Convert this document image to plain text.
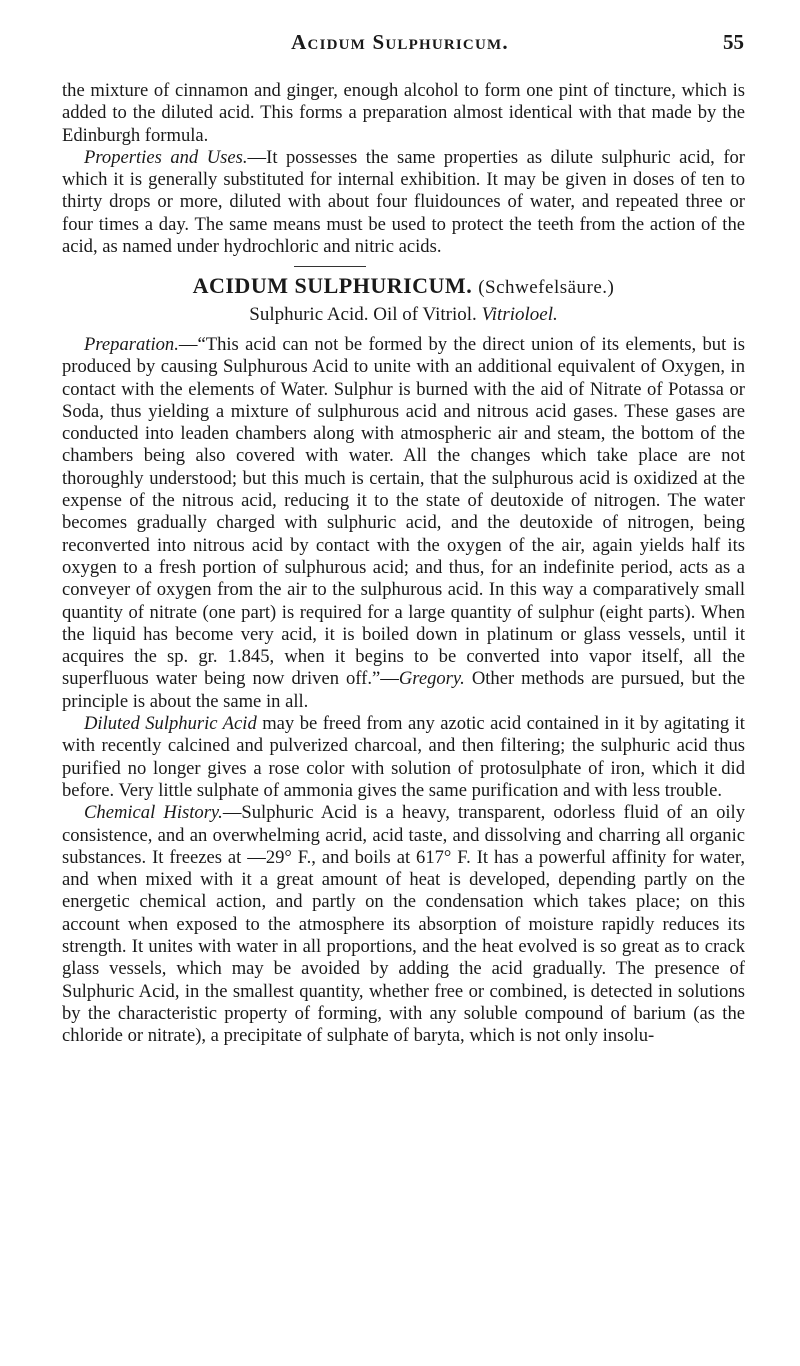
Acidum Sulphuricum.	55

the mixture of cinnamon and ginger, enough alcohol to form one pint of tincture, which is added to the diluted acid. This forms a preparation almost identical with that made by the Edinburgh formula.

Properties and Uses.—It possesses the same properties as dilute sulphuric acid, for which it is generally substituted for internal exhibition. It may be given in doses of ten to thirty drops or more, diluted with about four fluidounces of water, and repeated three or four times a day. The same means must be used to protect the teeth from the action of the acid, as named under hydrochloric and nitric acids.

ACIDUM SULPHURICUM. (Schwefelsäure.)
Sulphuric Acid. Oil of Vitriol. Vitrioloel.

Preparation.—“This acid can not be formed by the direct union of its elements, but is produced by causing Sulphurous Acid to unite with an additional equivalent of Oxygen, in contact with the elements of Water. Sulphur is burned with the aid of Nitrate of Potassa or Soda, thus yielding a mixture of sulphurous acid and nitrous acid gases. These gases are conducted into leaden chambers along with atmospheric air and steam, the bottom of the chambers being also covered with water. All the changes which take place are not thoroughly understood; but this much is certain, that the sulphurous acid is oxidized at the expense of the nitrous acid, reducing it to the state of deutoxide of nitrogen. The water becomes gradually charged with sulphuric acid, and the deutoxide of nitrogen, being reconverted into nitrous acid by contact with the oxygen of the air, again yields half its oxygen to a fresh portion of sulphurous acid; and thus, for an indefinite period, acts as a conveyer of oxygen from the air to the sulphurous acid. In this way a comparatively small quantity of nitrate (one part) is required for a large quantity of sulphur (eight parts). When the liquid has become very acid, it is boiled down in platinum or glass vessels, until it acquires the sp. gr. 1.845, when it begins to be converted into vapor itself, all the superfluous water being now driven off.”—Gregory. Other methods are pursued, but the principle is about the same in all.

Diluted Sulphuric Acid may be freed from any azotic acid contained in it by agitating it with recently calcined and pulverized charcoal, and then filtering; the sulphuric acid thus purified no longer gives a rose color with solution of protosulphate of iron, which it did before. Very little sulphate of ammonia gives the same purification and with less trouble.

Chemical History.—Sulphuric Acid is a heavy, transparent, odorless fluid of an oily consistence, and an overwhelming acrid, acid taste, and dissolving and charring all organic substances. It freezes at —29° F., and boils at 617° F. It has a powerful affinity for water, and when mixed with it a great amount of heat is developed, depending partly on the energetic chemical action, and partly on the condensation which takes place; on this account when exposed to the atmosphere its absorption of moisture rapidly reduces its strength. It unites with water in all proportions, and the heat evolved is so great as to crack glass vessels, which may be avoided by adding the acid gradually. The presence of Sulphuric Acid, in the smallest quantity, whether free or combined, is detected in solutions by the characteristic property of forming, with any soluble compound of barium (as the chloride or nitrate), a precipitate of sulphate of baryta, which is not only insolu-
